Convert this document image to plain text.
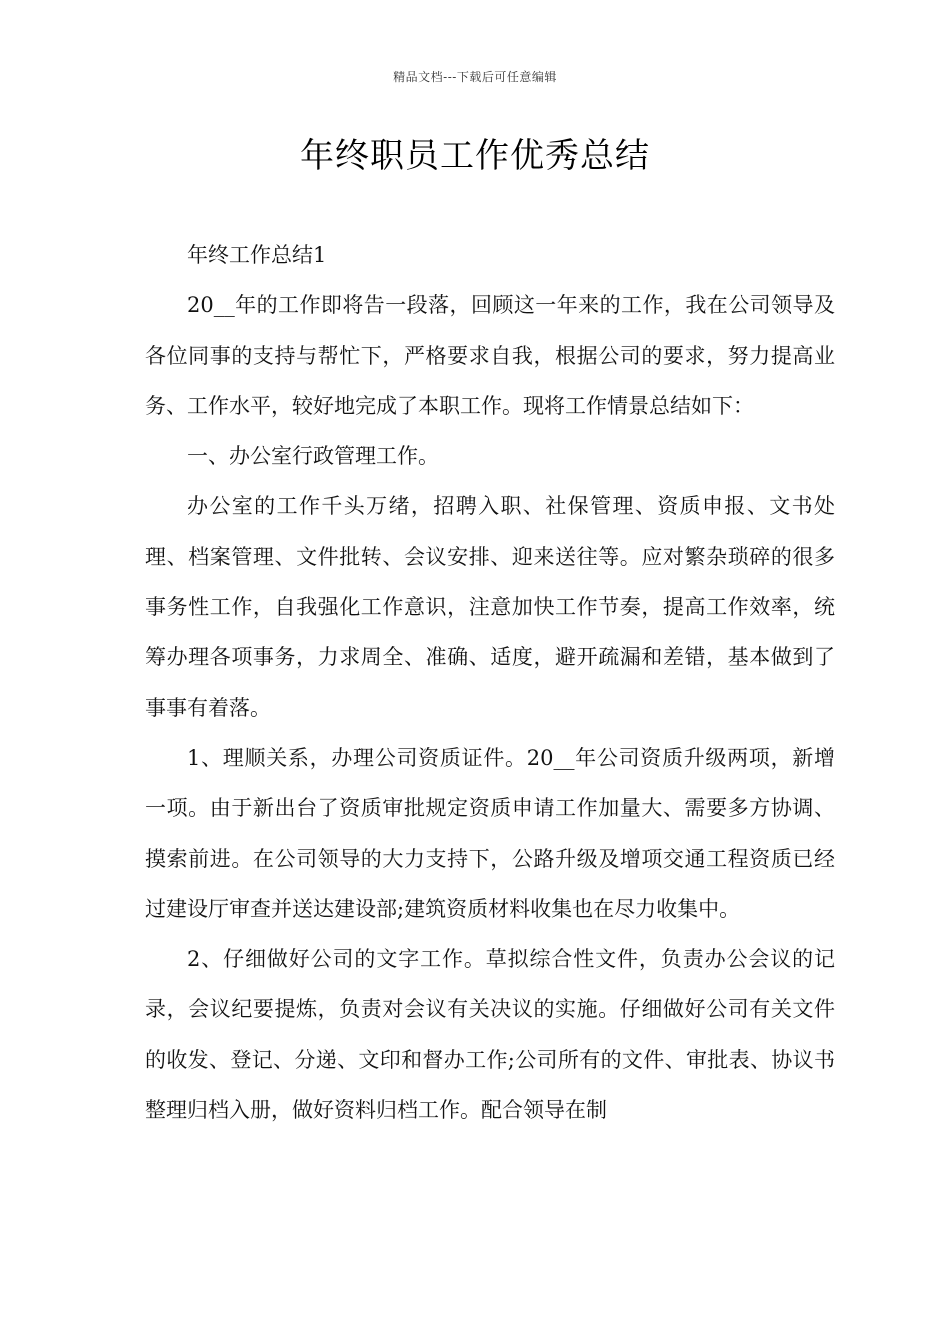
精品文档---下载后可任意编辑
年终职员工作优秀总结

年终工作总结1

20__年的工作即将告一段落，回顾这一年来的工作，我在公司领导及各位同事的支持与帮忙下，严格要求自我，根据公司的要求，努力提高业务、工作水平，较好地完成了本职工作。现将工作情景总结如下：

一、办公室行政管理工作。

办公室的工作千头万绪，招聘入职、社保管理、资质申报、文书处理、档案管理、文件批转、会议安排、迎来送往等。应对繁杂琐碎的很多事务性工作，自我强化工作意识，注意加快工作节奏，提高工作效率，统筹办理各项事务，力求周全、准确、适度，避开疏漏和差错，基本做到了事事有着落。

1、理顺关系，办理公司资质证件。20__年公司资质升级两项，新增一项。由于新出台了资质审批规定资质申请工作加量大、需要多方协调、摸索前进。在公司领导的大力支持下，公路升级及增项交通工程资质已经过建设厅审查并送达建设部;建筑资质材料收集也在尽力收集中。

2、仔细做好公司的文字工作。草拟综合性文件，负责办公会议的记录，会议纪要提炼，负责对会议有关决议的实施。仔细做好公司有关文件的收发、登记、分递、文印和督办工作;公司所有的文件、审批表、协议书整理归档入册，做好资料归档工作。配合领导在制
